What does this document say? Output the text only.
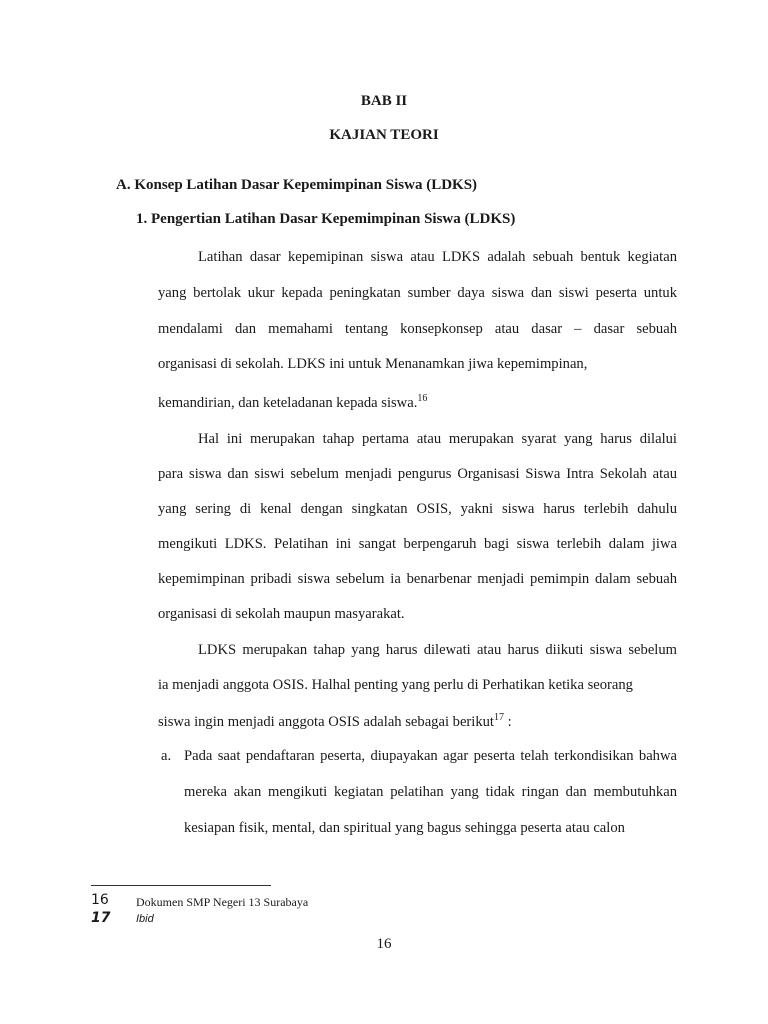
BAB II

KAJIAN TEORI

A. Konsep Latihan Dasar Kepemimpinan Siswa (LDKS)

1. Pengertian Latihan Dasar Kepemimpinan Siswa (LDKS)

Latihan dasar kepemipinan siswa atau LDKS adalah sebuah bentuk kegiatan

yang bertolak ukur kepada peningkatan sumber daya siswa dan siswi peserta untuk

mendalami dan memahami tentang konsepkonsep atau dasar – dasar sebuah

organisasi di sekolah. LDKS ini untuk Menanamkan jiwa kepemimpinan,

kemandirian, dan keteladanan kepada siswa.$^{16}$

Hal ini merupakan tahap pertama atau merupakan syarat yang harus dilalui

para siswa dan siswi sebelum menjadi pengurus Organisasi Siswa Intra Sekolah atau

yang sering di kenal dengan singkatan OSIS, yakni siswa harus terlebih dahulu

mengikuti LDKS. Pelatihan ini sangat berpengaruh bagi siswa terlebih dalam jiwa

kepemimpinan pribadi siswa sebelum ia benarbenar menjadi pemimpin dalam sebuah

organisasi di sekolah maupun masyarakat.

LDKS merupakan tahap yang harus dilewati atau harus diikuti siswa sebelum

ia menjadi anggota OSIS. Halhal penting yang perlu di Perhatikan ketika seorang

siswa ingin menjadi anggota OSIS adalah sebagai berikut$^{17}$ :

a. Pada saat pendaftaran peserta, diupayakan agar peserta telah terkondisikan bahwa

mereka akan mengikuti kegiatan pelatihan yang tidak ringan dan membutuhkan

kesiapan fisik, mental, dan spiritual yang bagus sehingga peserta atau calon

16 Dokumen SMP Negeri 13 Surabaya

17 Ibid

16
